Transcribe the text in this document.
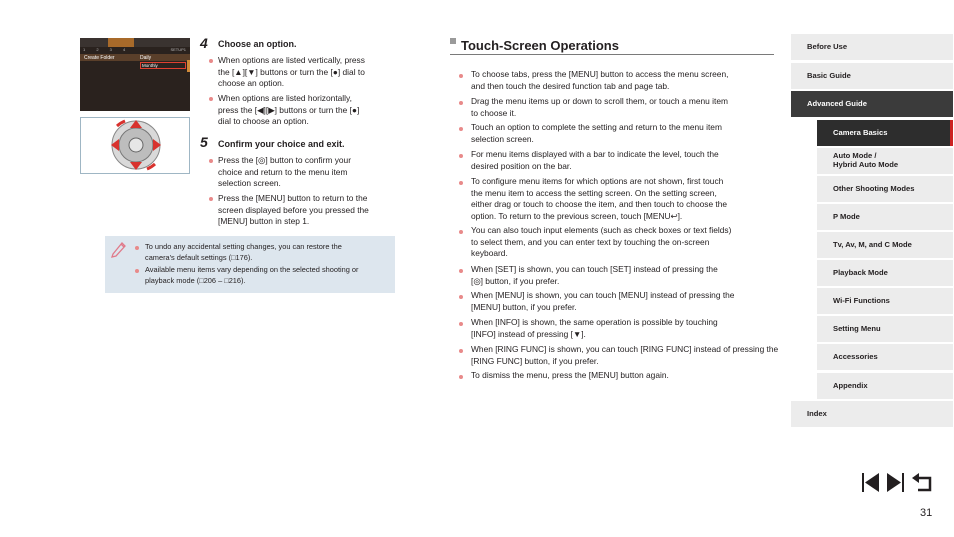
1 2 3 4	SETUP1
Create Folder	Daily
Monthly
4 Choose an option.
When options are listed vertically, press
the [▲][▼] buttons or turn the [●] dial to
choose an option.
When options are listed horizontally,
press the [◀][▶] buttons or turn the [●]
dial to choose an option.
5 Confirm your choice and exit.
Press the [◎] button to confirm your
choice and return to the menu item
selection screen.
Press the [MENU] button to return to the
screen displayed before you pressed the
[MENU] button in step 1.
To undo any accidental setting changes, you can restore the
camera's default settings (□176).
Available menu items vary depending on the selected shooting or
playback mode (□206 – □216).
Touch-Screen Operations
To choose tabs, press the [MENU] button to access the menu screen,
and then touch the desired function tab and page tab.
Drag the menu items up or down to scroll them, or touch a menu item
to choose it.
Touch an option to complete the setting and return to the menu item
selection screen.
For menu items displayed with a bar to indicate the level, touch the
desired position on the bar.
To configure menu items for which options are not shown, first touch
the menu item to access the setting screen. On the setting screen,
either drag or touch to choose the item, and then touch to choose the
option. To return to the previous screen, touch [MENU↩].
You can also touch input elements (such as check boxes or text fields)
to select them, and you can enter text by touching the on-screen
keyboard.
When [SET] is shown, you can touch [SET] instead of pressing the
[◎] button, if you prefer.
When [MENU] is shown, you can touch [MENU] instead of pressing the
[MENU] button, if you prefer.
When [INFO] is shown, the same operation is possible by touching
[INFO] instead of pressing [▼].
When [RING FUNC] is shown, you can touch [RING FUNC] instead of pressing the
[RING FUNC] button, if you prefer.
To dismiss the menu, press the [MENU] button again.
Before Use
Basic Guide
Advanced Guide
Camera Basics
Auto Mode /
Hybrid Auto Mode
Other Shooting Modes
P Mode
Tv, Av, M, and C Mode
Playback Mode
Wi-Fi Functions
Setting Menu
Accessories
Appendix
Index
31
